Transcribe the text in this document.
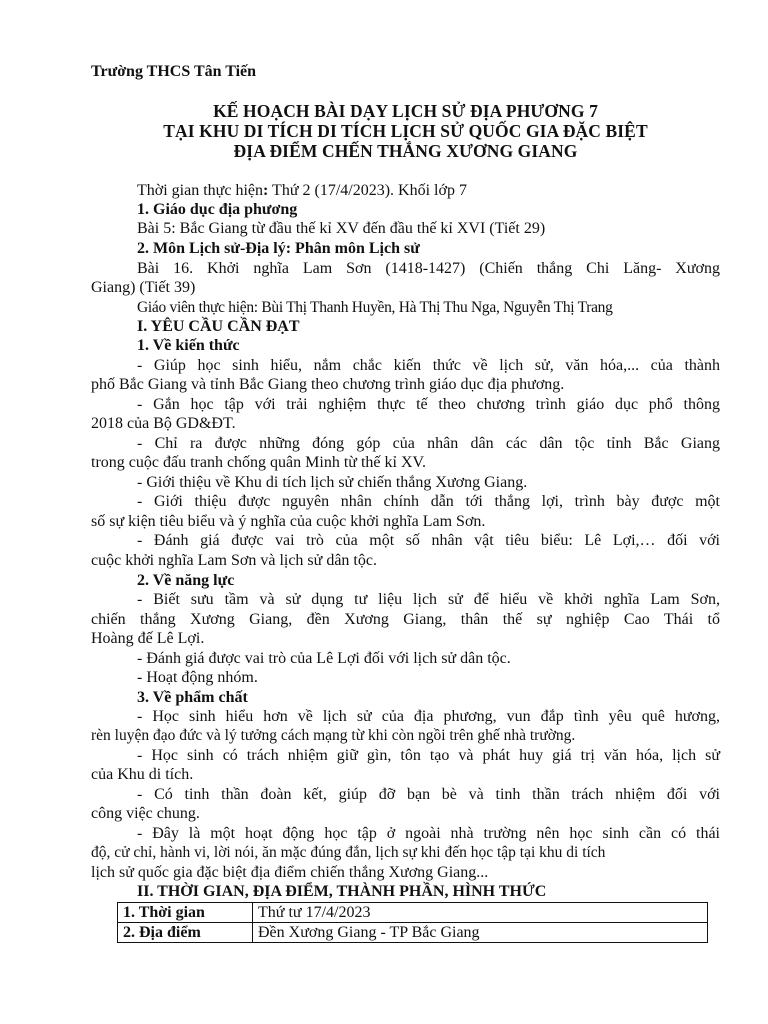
Trường THCS Tân Tiến
KẾ HOẠCH BÀI DẠY LỊCH SỬ ĐỊA PHƯƠNG 7
TẠI KHU DI TÍCH DI TÍCH LỊCH SỬ QUỐC GIA ĐẶC BIỆT
ĐỊA ĐIỂM CHẾN THẮNG XƯƠNG GIANG
Thời gian thực hiện: Thứ 2 (17/4/2023). Khối lớp 7
1. Giáo dục địa phương
Bài 5: Bắc Giang từ đầu thế kỉ XV đến đầu thế kỉ XVI (Tiết 29)
2. Môn Lịch sử-Địa lý: Phân môn Lịch sử
Bài 16. Khởi nghĩa Lam Sơn (1418-1427) (Chiến thắng Chi Lăng- Xương
Giang) (Tiết 39)
Giáo viên thực hiện: Bùi Thị Thanh Huyền, Hà Thị Thu Nga, Nguyễn Thị Trang
I. YÊU CẦU CẦN ĐẠT
1. Về kiến thức
- Giúp học sinh hiểu, nắm chắc kiến thức về lịch sử, văn hóa,... của thành
phố Bắc Giang và tỉnh Bắc Giang theo chương trình giáo dục địa phương.
- Gắn học tập với trải nghiệm thực tế theo chương trình giáo dục phổ thông
2018 của Bộ GD&ĐT.
- Chỉ ra được những đóng góp của nhân dân các dân tộc tỉnh Bắc Giang
trong cuộc đấu tranh chống quân Minh từ thế kỉ XV.
- Giới thiệu về Khu di tích lịch sử chiến thắng Xương Giang.
- Giới thiệu được nguyên nhân chính dẫn tới thắng lợi, trình bày được một
số sự kiện tiêu biểu và ý nghĩa của cuộc khởi nghĩa Lam Sơn.
- Đánh giá được vai trò của một số nhân vật tiêu biểu: Lê Lợi,… đối với
cuộc khởi nghĩa Lam Sơn và lịch sử dân tộc.
2. Về năng lực
- Biết sưu tầm và sử dụng tư liệu lịch sử để hiểu về khởi nghĩa Lam Sơn,
chiến thắng Xương Giang, đền Xương Giang, thân thế sự nghiệp Cao Thái tổ
Hoàng đế Lê Lợi.
- Đánh giá được vai trò của Lê Lợi đối với lịch sử dân tộc.
- Hoạt động nhóm.
3. Về phẩm chất
- Học sinh hiểu hơn về lịch sử của địa phương, vun đắp tình yêu quê hương,
rèn luyện đạo đức và lý tưởng cách mạng từ khi còn ngồi trên ghế nhà trường.
- Học sinh có trách nhiệm giữ gìn, tôn tạo và phát huy giá trị văn hóa, lịch sử
của Khu di tích.
- Có tinh thần đoàn kết, giúp đỡ bạn bè và tinh thần trách nhiệm đối với
công việc chung.
- Đây là một hoạt động học tập ở ngoài nhà trường nên học sinh cần có thái
độ, cử chỉ, hành vi, lời nói, ăn mặc đúng đắn, lịch sự khi đến học tập tại khu di tích
lịch sử quốc gia đặc biệt địa điểm chiến thắng Xương Giang...
II. THỜI GIAN, ĐỊA ĐIỂM, THÀNH PHẦN, HÌNH THỨC
1. Thời gian	Thứ tư 17/4/2023
2. Địa điểm	Đền Xương Giang - TP Bắc Giang
